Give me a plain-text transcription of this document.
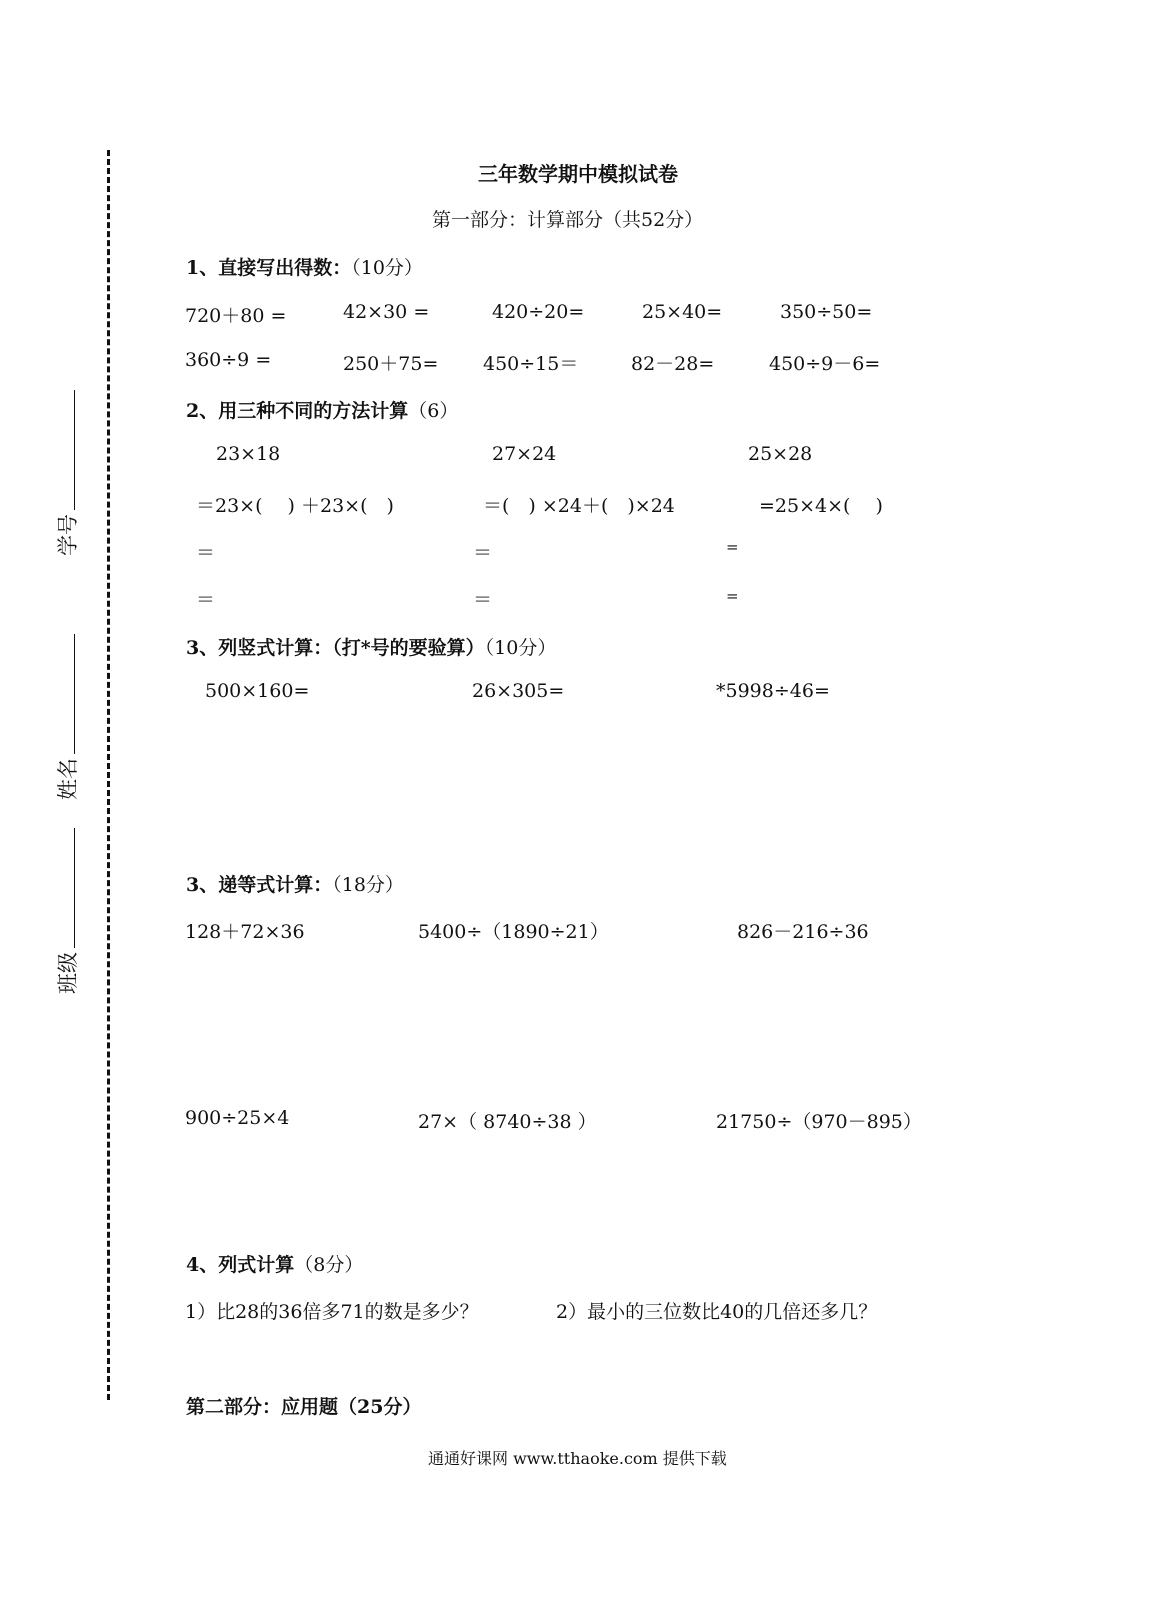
学号
姓名
班级
三年数学期中模拟试卷
第一部分：计算部分（共52分）
1、直接写出得数：（10分）
720＋80 =	42×30 =	420÷20=	25×40=	350÷50=
360÷9 =	250＋75= 450÷15＝	82－28=	450÷9－6=
2、用三种不同的方法计算（6）
23×18
＝23×(　 ) ＋23×(　)
＝
＝
27×24
＝(　) ×24＋(　)×24
＝
＝
25×28
=25×4×(　 )
=
=
3、列竖式计算：（打*号的要验算）（10分）
500×160=	26×305=	*5998÷46=
3、递等式计算：（18分）
128＋72×36	5400÷（1890÷21）	826－216÷36
900÷25×4	27×（ 8740÷38 ）	21750÷（970－895）
4、列式计算（8分）
1）比28的36倍多71的数是多少？	2）最小的三位数比40的几倍还多几？
第二部分：应用题（25分）
通通好课网 www.tthaoke.com 提供下载
